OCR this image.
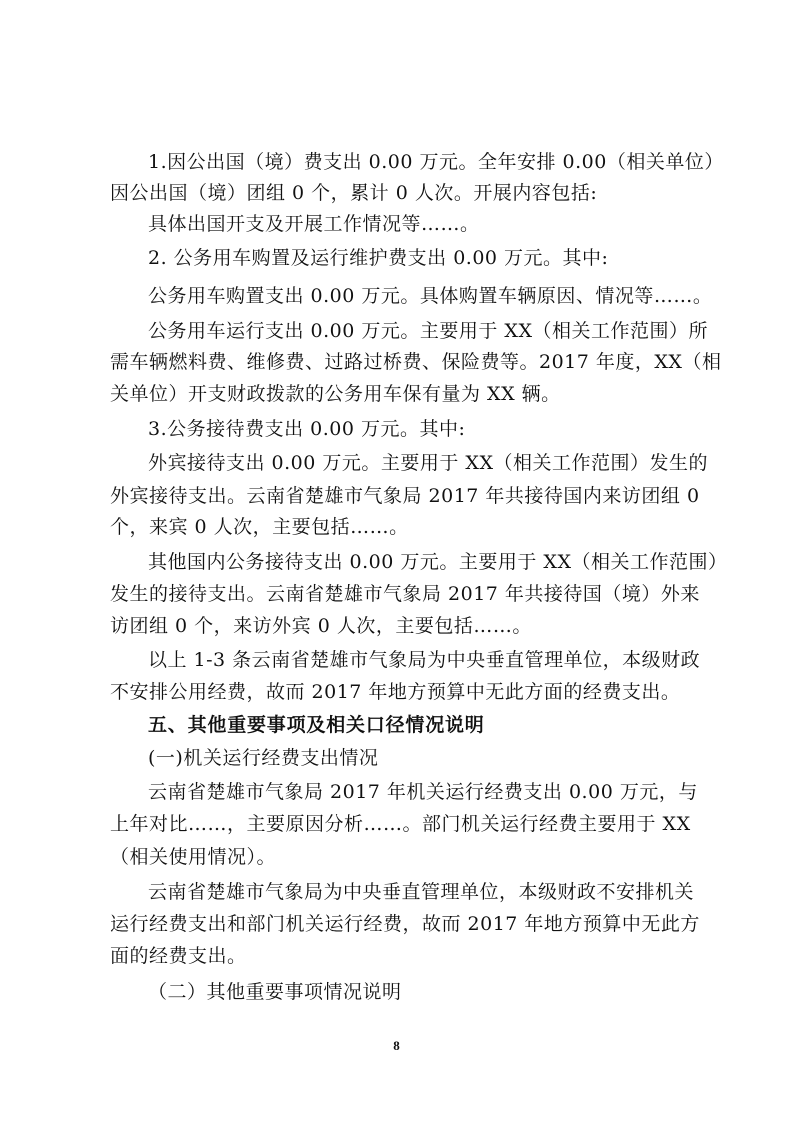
1.因公出国（境）费支出 0.00 万元。全年安排 0.00（相关单位）
因公出国（境）团组 0 个，累计 0 人次。开展内容包括:
具体出国开支及开展工作情况等……。
2. 公务用车购置及运行维护费支出 0.00 万元。其中:
公务用车购置支出 0.00 万元。具体购置车辆原因、情况等……。
公务用车运行支出 0.00 万元。主要用于 XX（相关工作范围）所
需车辆燃料费、维修费、过路过桥费、保险费等。2017 年度，XX（相
关单位）开支财政拨款的公务用车保有量为 XX 辆。
3.公务接待费支出 0.00 万元。其中:
外宾接待支出 0.00 万元。主要用于 XX（相关工作范围）发生的
外宾接待支出。云南省楚雄市气象局 2017 年共接待国内来访团组 0
个，来宾 0 人次，主要包括……。
其他国内公务接待支出 0.00 万元。主要用于 XX（相关工作范围）
发生的接待支出。云南省楚雄市气象局 2017 年共接待国（境）外来
访团组 0 个，来访外宾 0 人次，主要包括……。
以上 1-3 条云南省楚雄市气象局为中央垂直管理单位，本级财政
不安排公用经费，故而 2017 年地方预算中无此方面的经费支出。
五、其他重要事项及相关口径情况说明
(一)机关运行经费支出情况
云南省楚雄市气象局 2017 年机关运行经费支出 0.00 万元，与
上年对比……，主要原因分析……。部门机关运行经费主要用于 XX
（相关使用情况）。
云南省楚雄市气象局为中央垂直管理单位，本级财政不安排机关
运行经费支出和部门机关运行经费，故而 2017 年地方预算中无此方
面的经费支出。
（二）其他重要事项情况说明
8
